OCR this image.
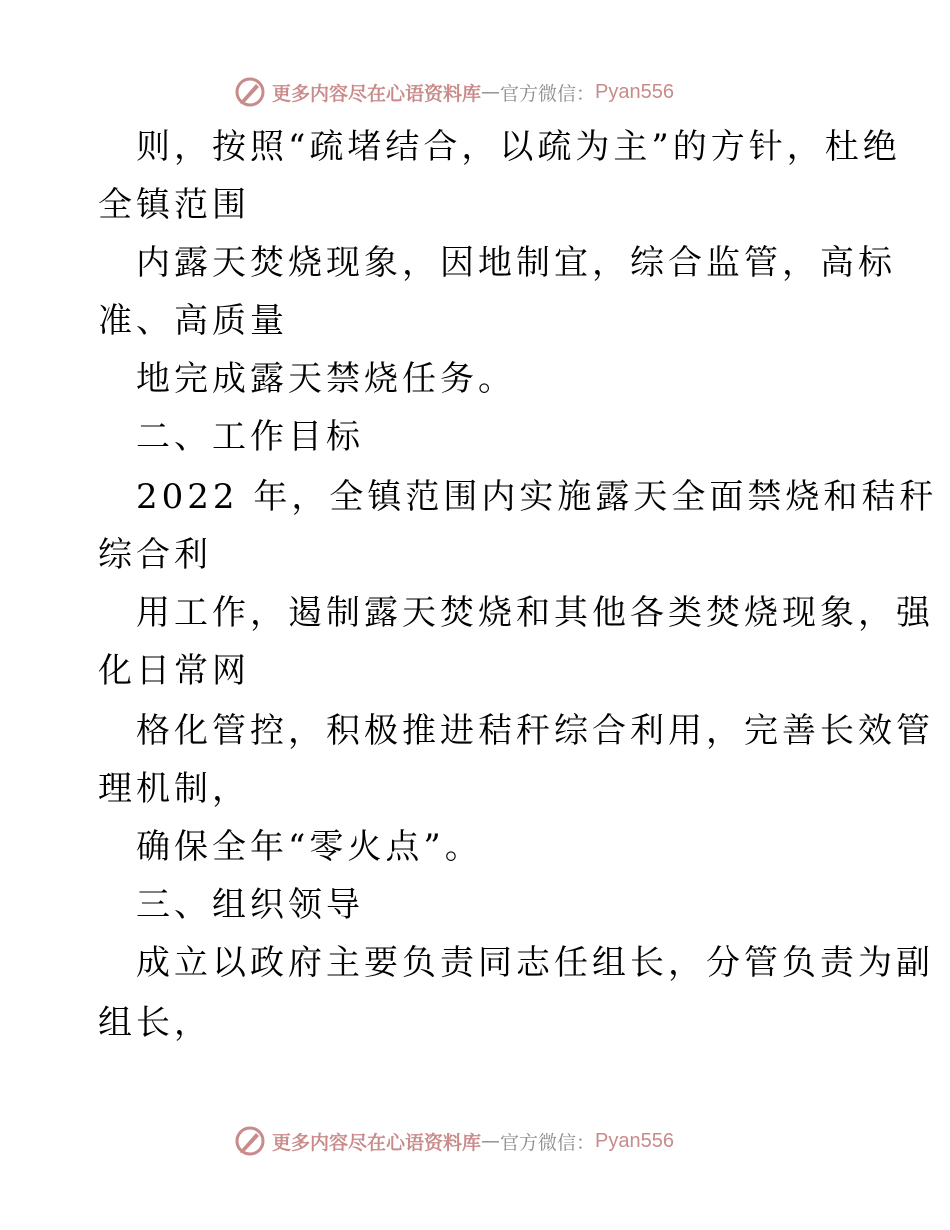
更多内容尽在心语资料库 — 官方微信： Pyan556
则，按照“疏堵结合，以疏为主”的方针，杜绝
全镇范围
内露天焚烧现象，因地制宜，综合监管，高标
准、高质量
地完成露天禁烧任务。
二、工作目标
2022 年，全镇范围内实施露天全面禁烧和秸秆
综合利
用工作，遏制露天焚烧和其他各类焚烧现象，强
化日常网
格化管控，积极推进秸秆综合利用，完善长效管
理机制，
确保全年“零火点”。
三、组织领导
成立以政府主要负责同志任组长，分管负责为副
组长，
更多内容尽在心语资料库 — 官方微信： Pyan556
